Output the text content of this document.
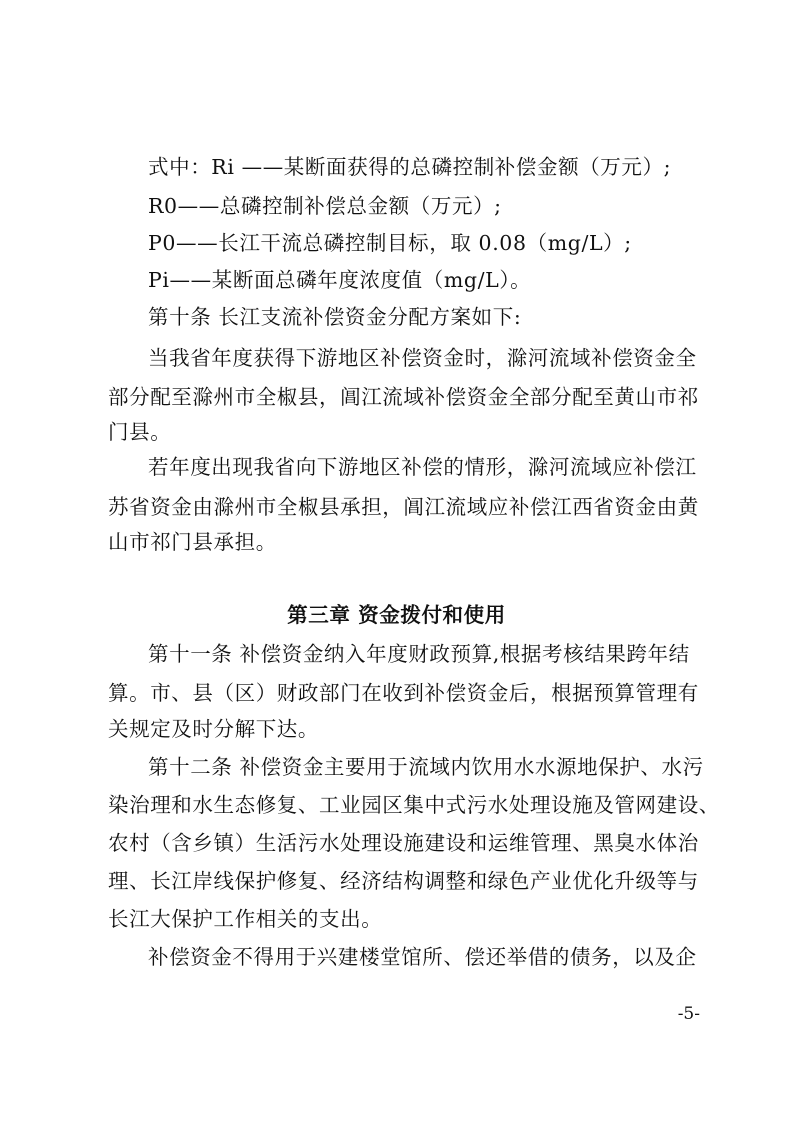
式中：Ri ——某断面获得的总磷控制补偿金额（万元）;
R0——总磷控制补偿总金额（万元）;
P0——长江干流总磷控制目标，取 0.08（mg/L）;
Pi——某断面总磷年度浓度值（mg/L）。
第十条 长江支流补偿资金分配方案如下:
当我省年度获得下游地区补偿资金时，滁河流域补偿资金全
部分配至滁州市全椒县，阊江流域补偿资金全部分配至黄山市祁
门县。
若年度出现我省向下游地区补偿的情形，滁河流域应补偿江
苏省资金由滁州市全椒县承担，阊江流域应补偿江西省资金由黄
山市祁门县承担。
第三章 资金拨付和使用
第十一条 补偿资金纳入年度财政预算,根据考核结果跨年结
算。市、县（区）财政部门在收到补偿资金后，根据预算管理有
关规定及时分解下达。
第十二条 补偿资金主要用于流域内饮用水水源地保护、水污
染治理和水生态修复、工业园区集中式污水处理设施及管网建设、
农村（含乡镇）生活污水处理设施建设和运维管理、黑臭水体治
理、长江岸线保护修复、经济结构调整和绿色产业优化升级等与
长江大保护工作相关的支出。
补偿资金不得用于兴建楼堂馆所、偿还举借的债务，以及企
-5-
